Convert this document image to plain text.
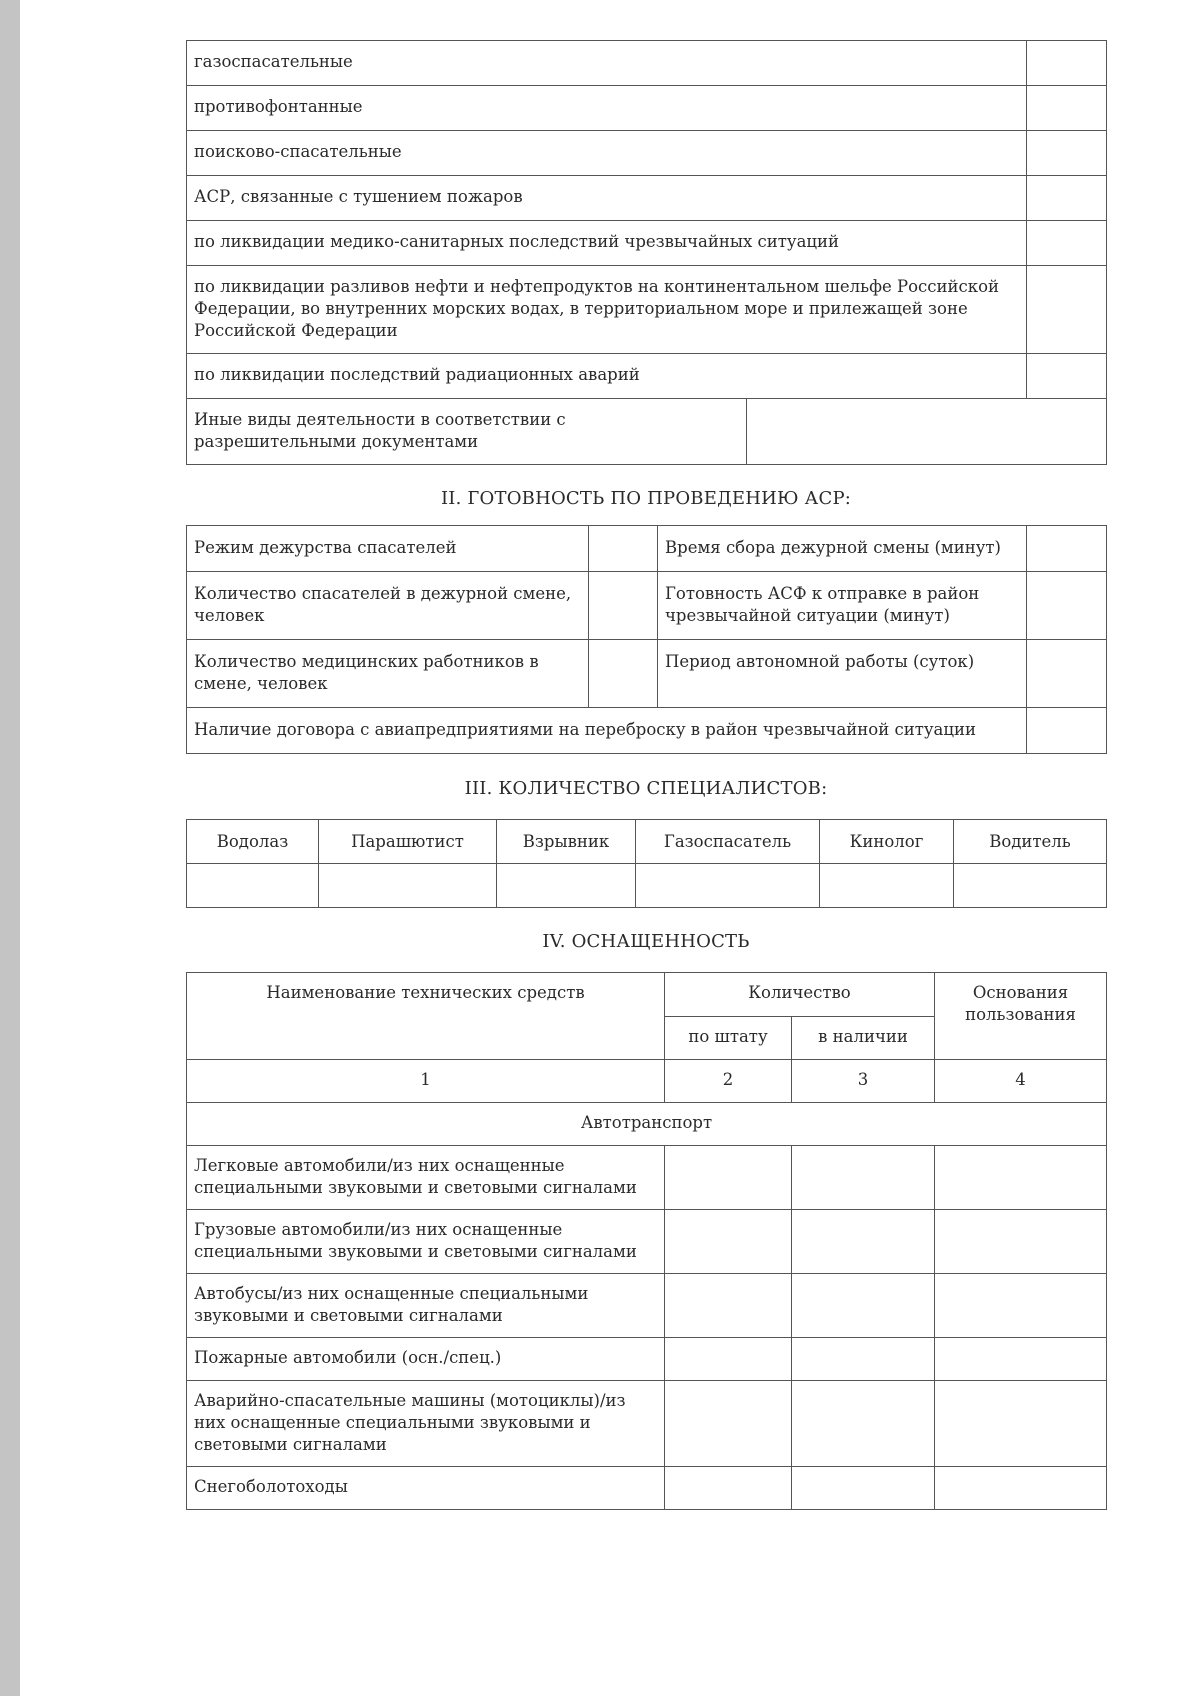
газоспасательные	
противофонтанные	
поисково-спасательные	
АСР, связанные с тушением пожаров	
по ликвидации медико-санитарных последствий чрезвычайных ситуаций	
по ликвидации разливов нефти и нефтепродуктов на континентальном шельфе Российской Федерации, во внутренних морских водах, в территориальном море и прилежащей зоне Российской Федерации	
по ликвидации последствий радиационных аварий	
Иные виды деятельности в соответствии с разрешительными документами	

II. ГОТОВНОСТЬ ПО ПРОВЕДЕНИЮ АСР:

Режим дежурства спасателей		Время сбора дежурной смены (минут)	
Количество спасателей в дежурной смене, человек		Готовность АСФ к отправке в район чрезвычайной ситуации (минут)	
Количество медицинских работников в смене, человек		Период автономной работы (суток)	
Наличие договора с авиапредприятиями на переброску в район чрезвычайной ситуации			

III. КОЛИЧЕСТВО СПЕЦИАЛИСТОВ:

Водолаз	Парашютист	Взрывник	Газоспасатель	Кинолог	Водитель

IV. ОСНАЩЕННОСТЬ

Наименование технических средств	Количество		Основания пользования
	по штату	в наличии	
1	2	3	4
Автотранспорт			
Легковые автомобили/из них оснащенные специальными звуковыми и световыми сигналами			
Грузовые автомобили/из них оснащенные специальными звуковыми и световыми сигналами			
Автобусы/из них оснащенные специальными звуковыми и световыми сигналами			
Пожарные автомобили (осн./спец.)			
Аварийно-спасательные машины (мотоциклы)/из них оснащенные специальными звуковыми и световыми сигналами			
Снегоболотоходы			
